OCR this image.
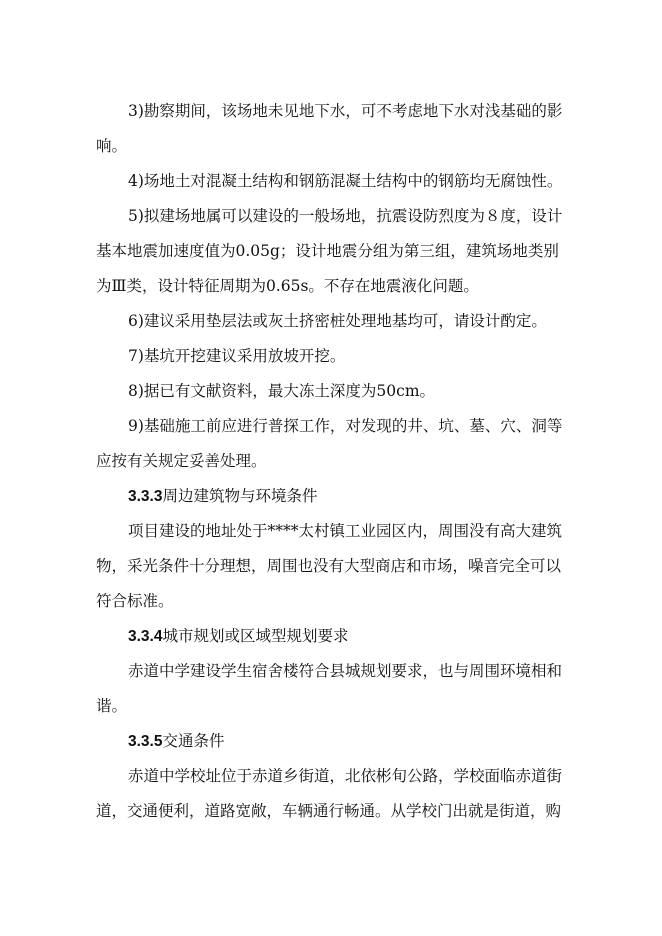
3)勘察期间，该场地未见地下水，可不考虑地下水对浅基础的影
响。
4)场地土对混凝土结构和钢筋混凝土结构中的钢筋均无腐蚀性。
5)拟建场地属可以建设的一般场地，抗震设防烈度为８度，设计
基本地震加速度值为0.05g；设计地震分组为第三组，建筑场地类别
为Ⅲ类，设计特征周期为0.65s。不存在地震液化问题。
6)建议采用垫层法或灰土挤密桩处理地基均可，请设计酌定。
7)基坑开挖建议采用放坡开挖。
8)据已有文献资料，最大冻土深度为50cm。
9)基础施工前应进行普探工作，对发现的井、坑、墓、穴、洞等
应按有关规定妥善处理。
3.3.3周边建筑物与环境条件
项目建设的地址处于****太村镇工业园区内，周围没有高大建筑
物，采光条件十分理想，周围也没有大型商店和市场，噪音完全可以
符合标准。
3.3.4城市规划或区域型规划要求
赤道中学建设学生宿舍楼符合县城规划要求，也与周围环境相和
谐。
3.3.5交通条件
赤道中学校址位于赤道乡街道，北依彬旬公路，学校面临赤道街
道，交通便利，道路宽敞，车辆通行畅通。从学校门出就是街道，购
